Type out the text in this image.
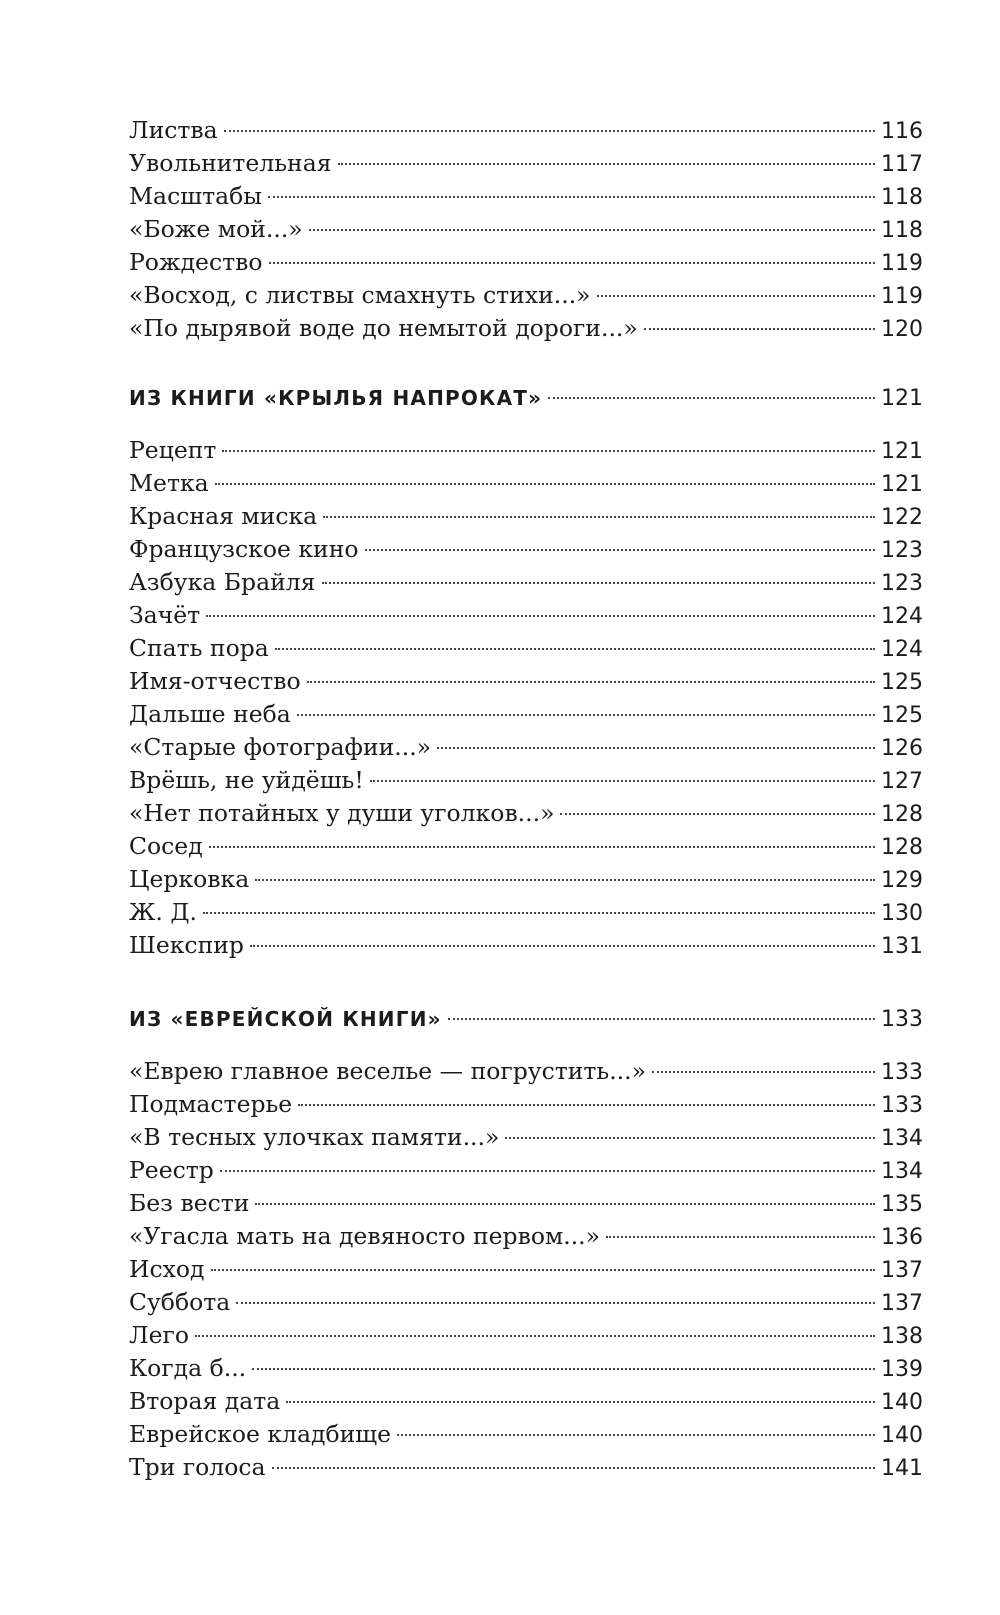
Листва	116
Увольнительная	117
Масштабы	118
«Боже мой...»	118
Рождество	119
«Восход, с листвы смахнуть стихи...»	119
«По дырявой воде до немытой дороги...»	120
ИЗ КНИГИ «КРЫЛЬЯ НАПРОКАТ»	121
Рецепт	121
Метка	121
Красная миска	122
Французское кино	123
Азбука Брайля	123
Зачёт	124
Спать пора	124
Имя-отчество	125
Дальше неба	125
«Старые фотографии...»	126
Врёшь, не уйдёшь!	127
«Нет потайных у души уголков...»	128
Сосед	128
Церковка	129
Ж. Д.	130
Шекспир	131
ИЗ «ЕВРЕЙСКОЙ КНИГИ»	133
«Еврею главное веселье — погрустить...»	133
Подмастерье	133
«В тесных улочках памяти...»	134
Реестр	134
Без вести	135
«Угасла мать на девяносто первом...»	136
Исход	137
Суббота	137
Лего	138
Когда б...	139
Вторая дата	140
Еврейское кладбище	140
Три голоса	141
